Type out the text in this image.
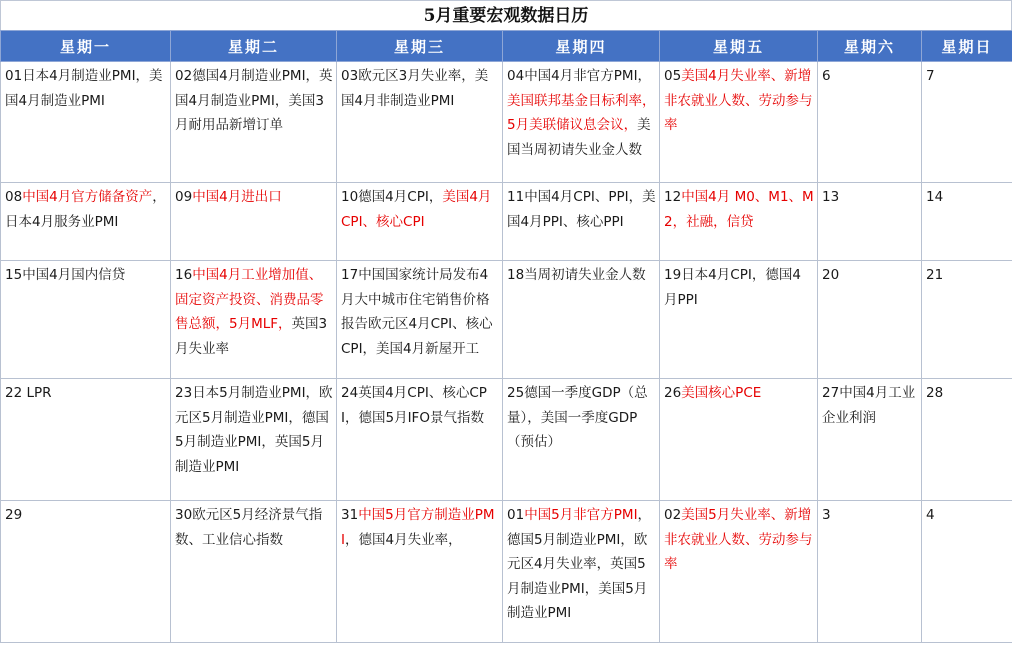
5月重要宏观数据日历
星期一	星期二	星期三	星期四	星期五	星期六	星期日
01日本4月制造业PMI，美国4月制造业PMI	02德国4月制造业PMI，英国4月制造业PMI，美国3月耐用品新增订单	03欧元区3月失业率，美国4月非制造业PMI	04中国4月非官方PMI，美国联邦基金目标利率，5月美联储议息会议，美国当周初请失业金人数	05美国4月失业率、新增非农就业人数、劳动参与率	6	7
08中国4月官方储备资产，日本4月服务业PMI	09中国4月进出口	10德国4月CPI，美国4月CPI、核心CPI	11中国4月CPI、PPI，美国4月PPI、核心PPI	12中国4月 M0、M1、M2，社融，信贷	13	14
15中国4月国内信贷	16中国4月工业增加值、固定资产投资、消费品零售总额，5月MLF，英国3月失业率	17中国国家统计局发布4月大中城市住宅销售价格报告欧元区4月CPI、核心CPI，美国4月新屋开工	18当周初请失业金人数	19日本4月CPI，德国4月PPI	20	21
22 LPR	23日本5月制造业PMI，欧元区5月制造业PMI，德国5月制造业PMI，英国5月制造业PMI	24英国4月CPI、核心CPI，德国5月IFO景气指数	25德国一季度GDP（总量），美国一季度GDP（预估）	26美国核心PCE	27中国4月工业企业利润	28
29	30欧元区5月经济景气指数、工业信心指数	31中国5月官方制造业PMI，德国4月失业率，	01中国5月非官方PMI，德国5月制造业PMI，欧元区4月失业率，英国5月制造业PMI，美国5月制造业PMI	02美国5月失业率、新增非农就业人数、劳动参与率	3	4
